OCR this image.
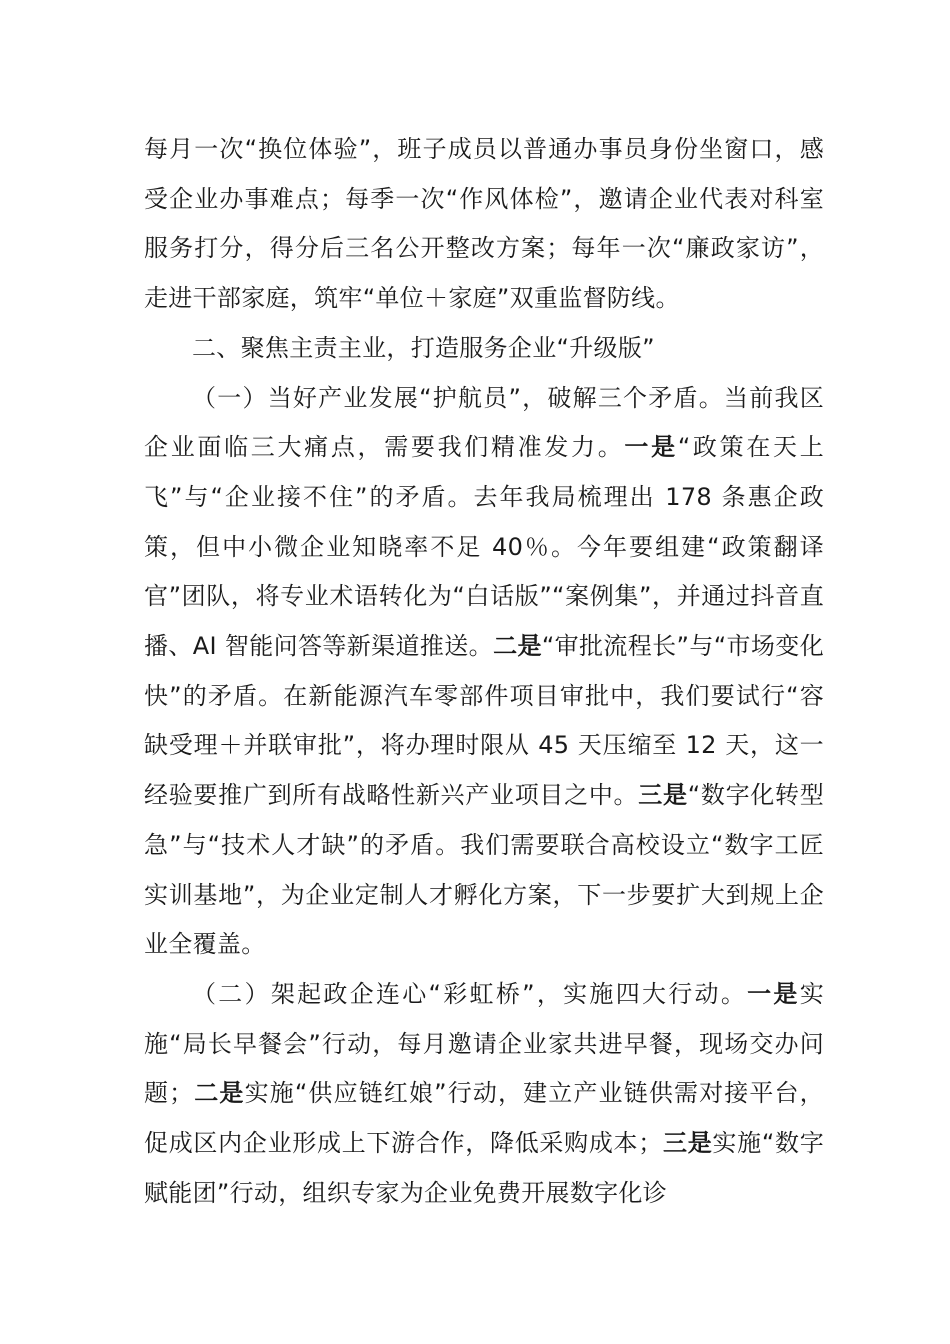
每月一次“换位体验”，班子成员以普通办事员身份坐窗口，感受企业办事难点；每季一次“作风体检”，邀请企业代表对科室服务打分，得分后三名公开整改方案；每年一次“廉政家访”，走进干部家庭，筑牢“单位＋家庭”双重监督防线。

二、聚焦主责主业，打造服务企业“升级版”

（一）当好产业发展“护航员”，破解三个矛盾。当前我区企业面临三大痛点，需要我们精准发力。一是“政策在天上飞”与“企业接不住”的矛盾。去年我局梳理出 178 条惠企政策，但中小微企业知晓率不足 40％。今年要组建“政策翻译官”团队，将专业术语转化为“白话版”“案例集”，并通过抖音直播、AI 智能问答等新渠道推送。二是“审批流程长”与“市场变化快”的矛盾。在新能源汽车零部件项目审批中，我们要试行“容缺受理＋并联审批”，将办理时限从 45 天压缩至 12 天，这一经验要推广到所有战略性新兴产业项目之中。三是“数字化转型急”与“技术人才缺”的矛盾。我们需要联合高校设立“数字工匠实训基地”，为企业定制人才孵化方案，下一步要扩大到规上企业全覆盖。

（二）架起政企连心“彩虹桥”，实施四大行动。一是实施“局长早餐会”行动，每月邀请企业家共进早餐，现场交办问题；二是实施“供应链红娘”行动，建立产业链供需对接平台，促成区内企业形成上下游合作，降低采购成本；三是实施“数字赋能团”行动，组织专家为企业免费开展数字化诊
